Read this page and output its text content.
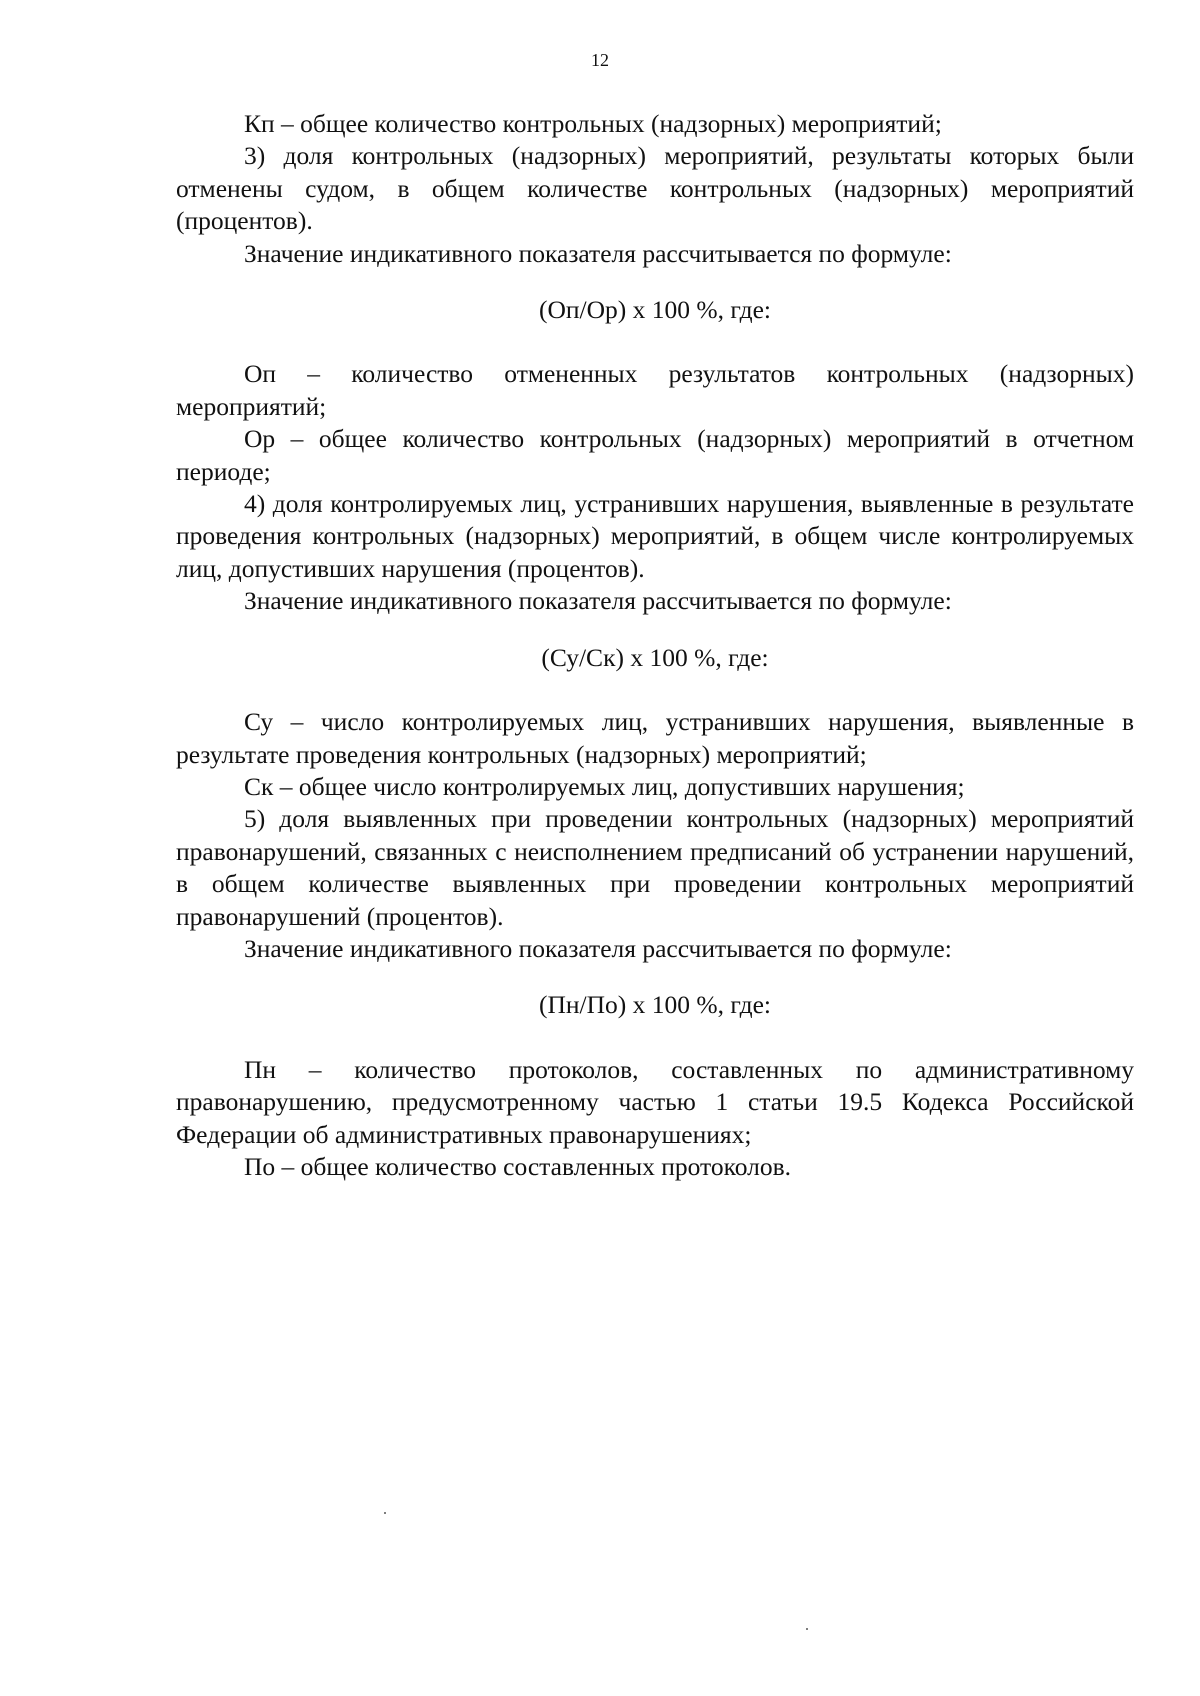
12

Кп – общее количество контрольных (надзорных) мероприятий;

3) доля контрольных (надзорных) мероприятий, результаты которых были отменены судом, в общем количестве контрольных (надзорных) мероприятий (процентов).

Значение индикативного показателя рассчитывается по формуле:

(Оп/Ор) х 100 %, где:

Оп – количество отмененных результатов контрольных (надзорных) мероприятий;

Ор – общее количество контрольных (надзорных) мероприятий в отчетном периоде;

4) доля контролируемых лиц, устранивших нарушения, выявленные в результате проведения контрольных (надзорных) мероприятий, в общем числе контролируемых лиц, допустивших нарушения (процентов).

Значение индикативного показателя рассчитывается по формуле:

(Су/Ск) х 100 %, где:

Су – число контролируемых лиц, устранивших нарушения, выявленные в результате проведения контрольных (надзорных) мероприятий;

Ск – общее число контролируемых лиц, допустивших нарушения;

5) доля выявленных при проведении контрольных (надзорных) мероприятий правонарушений, связанных с неисполнением предписаний об устранении нарушений, в общем количестве выявленных при проведении контрольных мероприятий правонарушений (процентов).

Значение индикативного показателя рассчитывается по формуле:

(Пн/По) х 100 %, где:

Пн – количество протоколов, составленных по административному правонарушению, предусмотренному частью 1 статьи 19.5 Кодекса Российской Федерации об административных правонарушениях;

По – общее количество составленных протоколов.
